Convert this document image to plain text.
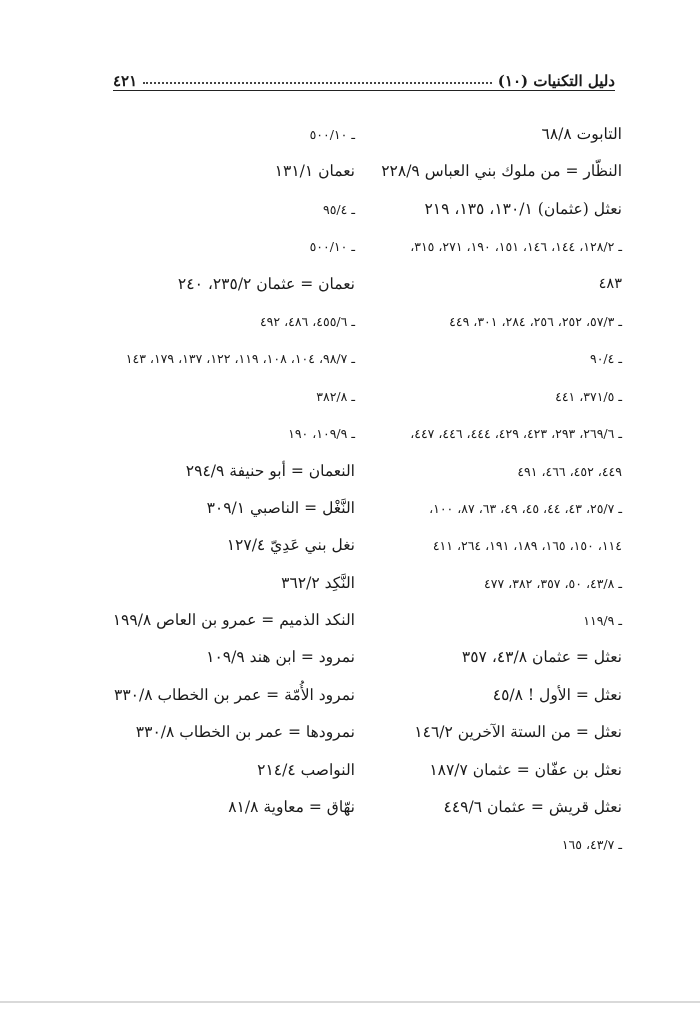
دليل التكنيات (١٠)
٤٢١
التابوت ٦٨/٨
النظّار = من ملوك بني العباس ٢٢٨/٩
نعثل (عثمان) ١٣٠/١، ١٣٥، ٢١٩
ـ ١٢٨/٢، ١٤٤، ١٤٦، ١٥١، ١٩٠، ٢٧١، ٣١٥،
٤٨٣
ـ ٥٧/٣، ٢٥٢، ٢٥٦، ٢٨٤، ٣٠١، ٤٤٩
ـ ٩٠/٤
ـ ٣٧١/٥، ٤٤١
ـ ٢٦٩/٦، ٢٩٣، ٤٢٣، ٤٢٩، ٤٤٤، ٤٤٦، ٤٤٧،
٤٤٩، ٤٥٢، ٤٦٦، ٤٩١
ـ ٢٥/٧، ٤٣، ٤٤، ٤٥، ٤٩، ٦٣، ٨٧، ١٠٠،
١١٤، ١٥٠، ١٦٥، ١٨٩، ١٩١، ٢٦٤، ٤١١
ـ ٤٣/٨، ٥٠، ٣٥٧، ٣٨٢، ٤٧٧
ـ ١١٩/٩
نعثل = عثمان ٤٣/٨، ٣٥٧
نعثل = الأول ! ٤٥/٨
نعثل = من الستة الآخرين ١٤٦/٢
نعثل بن عفّان = عثمان ١٨٧/٧
نعثل قريش = عثمان ٤٤٩/٦
ـ ٤٣/٧، ١٦٥
ـ ٥٠٠/١٠
نعمان ١٣١/١
ـ ٩٥/٤
ـ ٥٠٠/١٠
نعمان = عثمان ٢٣٥/٢، ٢٤٠
ـ ٤٥٥/٦، ٤٨٦، ٤٩٢
ـ ٩٨/٧، ١٠٤، ١٠٨، ١١٩، ١٢٢، ١٣٧، ١٧٩، ١٤٣
ـ ٣٨٢/٨
ـ ١٠٩/٩، ١٩٠
النعمان = أبو حنيفة ٢٩٤/٩
النَّغْل = الناصبي ٣٠٩/١
نغل بني عَدِيّ ١٢٧/٤
النَّكِد ٣٦٢/٢
النكد الذميم = عمرو بن العاص ١٩٩/٨
نمرود = ابن هند ١٠٩/٩
نمرود الأُمّة = عمر بن الخطاب ٣٣٠/٨
نمرودها = عمر بن الخطاب ٣٣٠/٨
النواصب ٢١٤/٤
نهّاق = معاوية ٨١/٨
